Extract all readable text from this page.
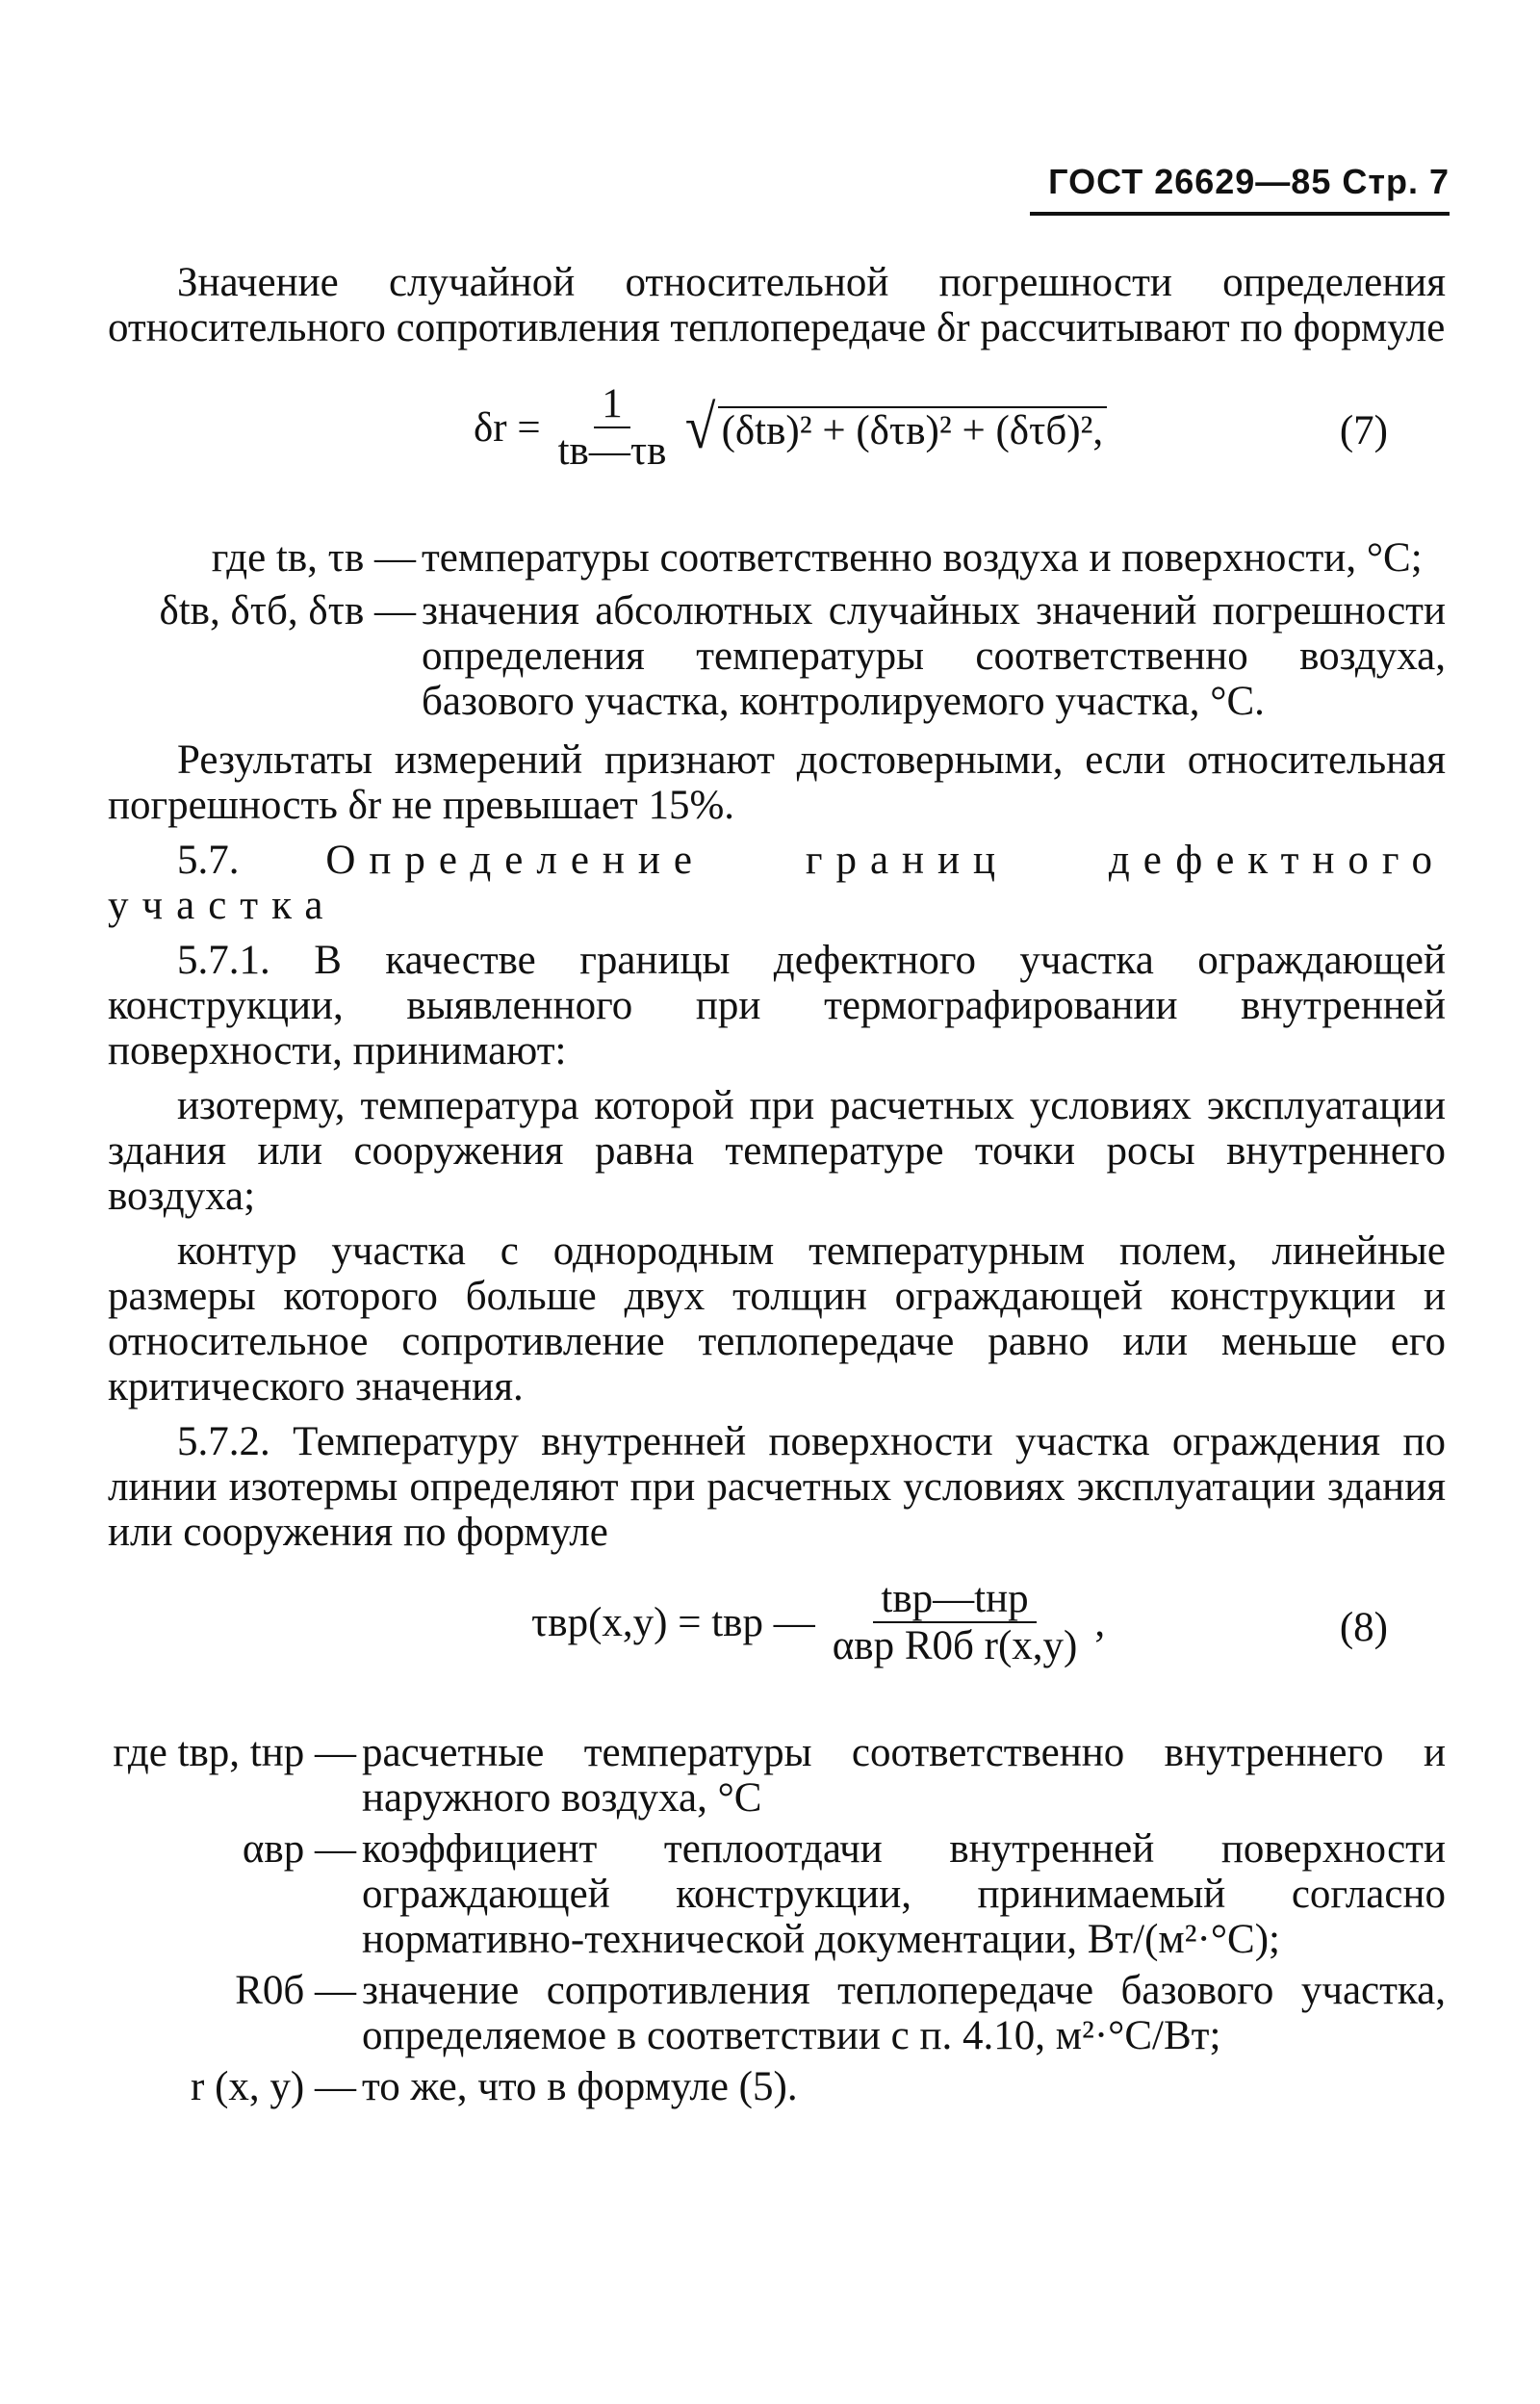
ГОСТ 26629—85 Стр. 7

Значение случайной относительной погрешности определения относительного сопротивления теплопередаче δr рассчитывают по формуле

$\delta r = \frac{1}{tв—\tau в}$ √ (δtв)² + (δτв)² + (δτб)²,	(7)
где tв, τв — температуры соответственно воздуха и поверхности, °С;
δtв, δτб, δτв — значения абсолютных случайных значений погрешности определения температуры соответственно воздуха, базового участка, контролируемого участка, °С.

Результаты измерений признают достоверными, если относительная погрешность δr не превышает 15%.

5.7. Определение границ дефектного участка

5.7.1. В качестве границы дефектного участка ограждающей конструкции, выявленного при термографировании внутренней поверхности, принимают:

изотерму, температура которой при расчетных условиях эксплуатации здания или сооружения равна температуре точки росы внутреннего воздуха;

контур участка с однородным температурным полем, линейные размеры которого больше двух толщин ограждающей конструкции и относительное сопротивление теплопередаче равно или меньше его критического значения.

5.7.2. Температуру внутренней поверхности участка ограждения по линии изотермы определяют при расчетных условиях эксплуатации здания или сооружения по формуле

τвр(x,y) = tвр — $\frac{\text{tвр—tнр}}{\text{αвр R0б r(x,y)}}$ ,	(8)
где tвр, tнр — расчетные температуры соответственно внутреннего и наружного воздуха, °С
αвр — коэффициент теплоотдачи внутренней поверхности ограждающей конструкции, принимаемый согласно нормативно-технической документации, Вт/(м²·°С);
R0б — значение сопротивления теплопередаче базового участка, определяемое в соответствии с п. 4.10, м²·°С/Вт;
r (x, y) — то же, что в формуле (5).
